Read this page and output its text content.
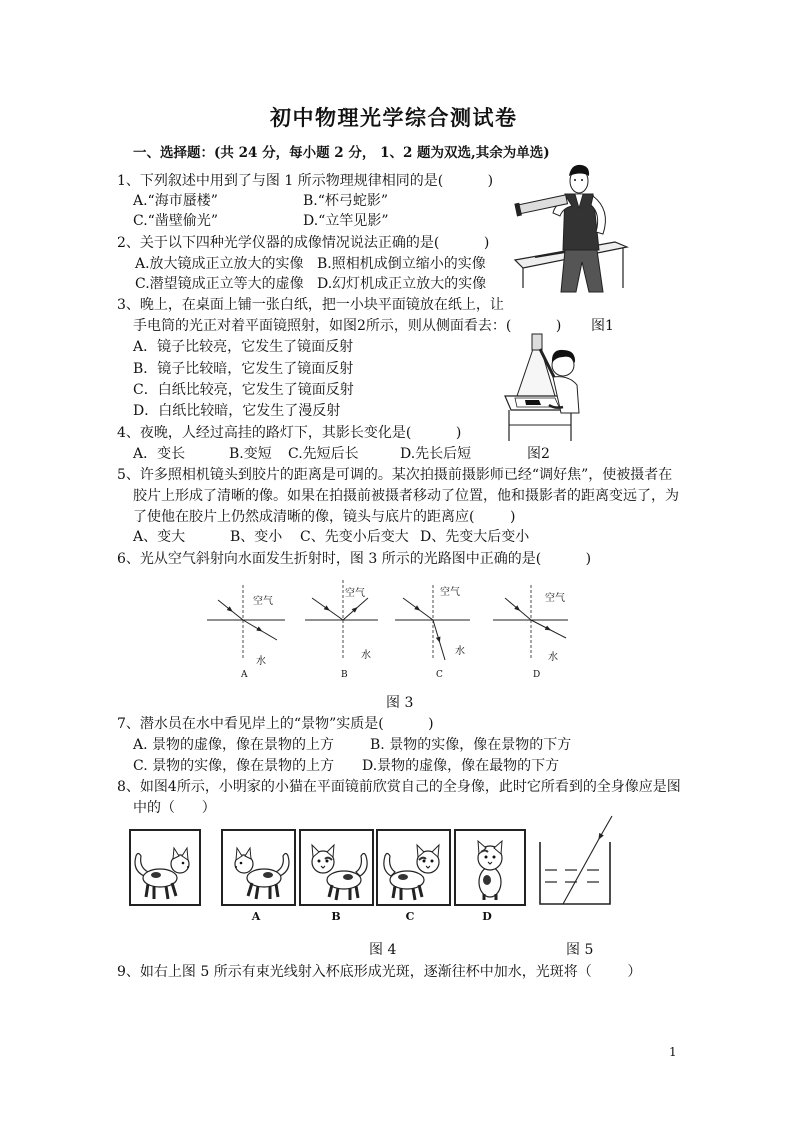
初中物理光学综合测试卷
一、选择题：(共 24 分，每小题 2 分， 1、2 题为双选,其余为单选)
1、下列叙述中用到了与图 1 所示物理规律相同的是(          )
A.“海市蜃楼”	B.“杯弓蛇影”
C.“凿壁偷光”	D.“立竿见影”
2、关于以下四种光学仪器的成像情况说法正确的是(          )
A.放大镜成正立放大的实像 B.照相机成倒立缩小的实像
C.潜望镜成正立等大的虚像 D.幻灯机成正立放大的实像
图1
3、晚上，在桌面上铺一张白纸，把一小块平面镜放在纸上，让
手电筒的光正对着平面镜照射，如图2所示，则从侧面看去：(          )
A．镜子比较亮，它发生了镜面反射
B．镜子比较暗，它发生了镜面反射
C．白纸比较亮，它发生了镜面反射
D．白纸比较暗，它发生了漫反射
4、夜晚，人经过高挂的路灯下，其影长变化是(          )
A．变长	B.变短 C.先短后长	D.先长后短	图2
5、许多照相机镜头到胶片的距离是可调的。某次拍摄前摄影师已经“调好焦”，使被摄者在
胶片上形成了清晰的像。如果在拍摄前被摄者移动了位置，他和摄影者的距离变远了，为
了使他在胶片上仍然成清晰的像，镜头与底片的距离应(        )
A、变大	B、变小 C、先变小后变大 D、先变大后变小
6、光从空气斜射向水面发生折射时，图 3 所示的光路图中正确的是(          )
空气
水
A
空气
水
B
空气
水
C
空气
水
D
图 3
7、潜水员在水中看见岸上的“景物”实质是(          )
A. 景物的虚像，像在景物的上方	B. 景物的实像，像在景物的下方
C. 景物的实像，像在景物的上方 D.景物的虚像，像在最物的下方
8、如图4所示，小明家的小猫在平面镜前欣赏自己的全身像，此时它所看到的全身像应是图
中的（      ）
A	B	C	D
图 4	图 5
9、如右上图 5 所示有束光线射入杯底形成光斑，逐渐往杯中加水，光斑将（        ）
1
